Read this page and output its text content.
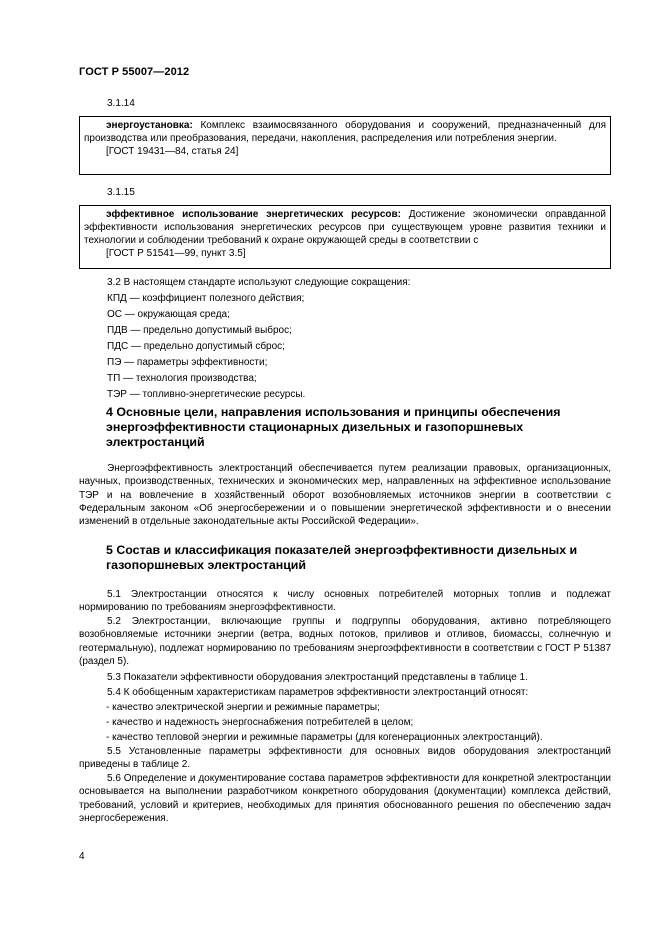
ГОСТ Р 55007—2012
3.1.14
энергоустановка: Комплекс взаимосвязанного оборудования и сооружений, предназначенный для производства или преобразования, передачи, накопления, распределения или потребления энергии.
[ГОСТ 19431—84, статья 24]
3.1.15
эффективное использование энергетических ресурсов: Достижение экономически оправданной эффективности использования энергетических ресурсов при существующем уровне развития техники и технологии и соблюдении требований к охране окружающей среды в соответствии с
[ГОСТ Р 51541—99, пункт 3.5]
3.2 В настоящем стандарте используют следующие сокращения:
КПД — коэффициент полезного действия;
ОС — окружающая среда;
ПДВ — предельно допустимый выброс;
ПДС — предельно допустимый сброс;
ПЭ — параметры эффективности;
ТП — технология производства;
ТЭР — топливно-энергетические ресурсы.
4 Основные цели, направления использования и принципы обеспечения энергоэффективности стационарных дизельных и газопоршневых электростанций
Энергоэффективность электростанций обеспечивается путем реализации правовых, организационных, научных, производственных, технических и экономических мер, направленных на эффективное использование ТЭР и на вовлечение в хозяйственный оборот возобновляемых источников энергии в соответствии с Федеральным законом «Об энергосбережении и о повышении энергетической эффективности и о внесении изменений в отдельные законодательные акты Российской Федерации».
5 Состав и классификация показателей энергоэффективности дизельных и газопоршневых электростанций
5.1 Электростанции относятся к числу основных потребителей моторных топлив и подлежат нормированию по требованиям энергоэффективности.
5.2 Электростанции, включающие группы и подгруппы оборудования, активно потребляющего возобновляемые источники энергии (ветра, водных потоков, приливов и отливов, биомассы, солнечную и геотермальную), подлежат нормированию по требованиям энергоэффективности в соответствии с ГОСТ Р 51387 (раздел 5).
5.3 Показатели эффективности оборудования электростанций представлены в таблице 1.
5.4 К обобщенным характеристикам параметров эффективности электростанций относят:
- качество электрической энергии и режимные параметры;
- качество и надежность энергоснабжения потребителей в целом;
- качество тепловой энергии и режимные параметры (для когенерационных электростанций).
5.5 Установленные параметры эффективности для основных видов оборудования электростанций приведены в таблице 2.
5.6 Определение и документирование состава параметров эффективности для конкретной электростанции основывается на выполнении разработчиком конкретного оборудования (документации) комплекса действий, требований, условий и критериев, необходимых для принятия обоснованного решения по обеспечению задач энергосбережения.
4
